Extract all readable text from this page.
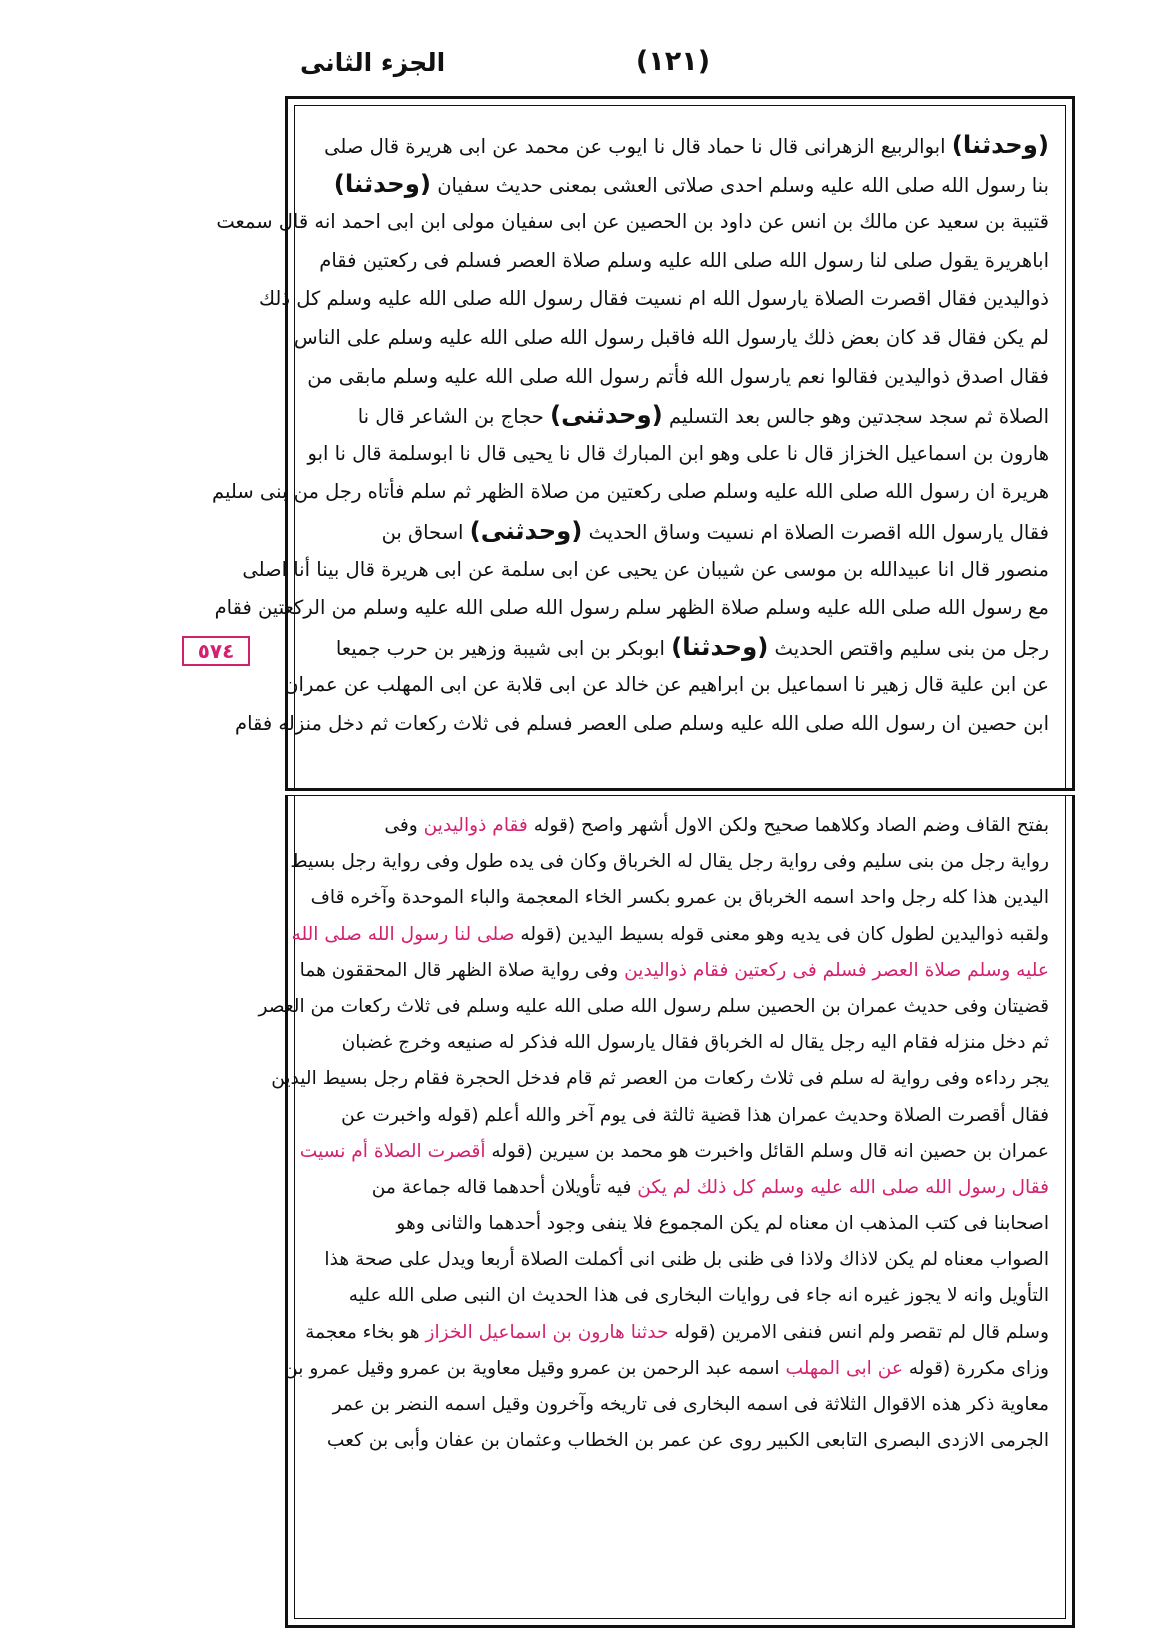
الجزء الثانى	(١٢١)
٥٧٤
(وحدثنا) ابوالربيع الزهرانى قال نا حماد قال نا ايوب عن محمد عن ابى هريرة قال صلى
بنا رسول الله صلى الله عليه وسلم احدى صلاتى العشى بمعنى حديث سفيان (وحدثنا)
قتيبة بن سعيد عن مالك بن انس عن داود بن الحصين عن ابى سفيان مولى ابن ابى احمد انه قال سمعت
اباهريرة يقول صلى لنا رسول الله صلى الله عليه وسلم صلاة العصر فسلم فى ركعتين فقام
ذواليدين فقال اقصرت الصلاة يارسول الله ام نسيت فقال رسول الله صلى الله عليه وسلم كل ذلك
لم يكن فقال قد كان بعض ذلك يارسول الله فاقبل رسول الله صلى الله عليه وسلم على الناس
فقال اصدق ذواليدين فقالوا نعم يارسول الله فأتم رسول الله صلى الله عليه وسلم مابقى من
الصلاة ثم سجد سجدتين وهو جالس بعد التسليم (وحدثنى) حجاج بن الشاعر قال نا
هارون بن اسماعيل الخزاز قال نا على وهو ابن المبارك قال نا يحيى قال نا ابوسلمة قال نا ابو
هريرة ان رسول الله صلى الله عليه وسلم صلى ركعتين من صلاة الظهر ثم سلم فأتاه رجل من بنى سليم
فقال يارسول الله اقصرت الصلاة ام نسيت وساق الحديث (وحدثنى) اسحاق بن
منصور قال انا عبيدالله بن موسى عن شيبان عن يحيى عن ابى سلمة عن ابى هريرة قال بينا أنا اصلى
مع رسول الله صلى الله عليه وسلم صلاة الظهر سلم رسول الله صلى الله عليه وسلم من الركعتين فقام
رجل من بنى سليم واقتص الحديث (وحدثنا) ابوبكر بن ابى شيبة وزهير بن حرب جميعا
عن ابن علية قال زهير نا اسماعيل بن ابراهيم عن خالد عن ابى قلابة عن ابى المهلب عن عمران
ابن حصين ان رسول الله صلى الله عليه وسلم صلى العصر فسلم فى ثلاث ركعات ثم دخل منزله فقام
بفتح القاف وضم الصاد وكلاهما صحيح ولكن الاول أشهر واصح (قوله فقام ذواليدين وفى
رواية رجل من بنى سليم وفى رواية رجل يقال له الخرباق وكان فى يده طول وفى رواية رجل بسيط
اليدين هذا كله رجل واحد اسمه الخرباق بن عمرو بكسر الخاء المعجمة والباء الموحدة وآخره قاف
ولقبه ذواليدين لطول كان فى يديه وهو معنى قوله بسيط اليدين (قوله صلى لنا رسول الله صلى الله
عليه وسلم صلاة العصر فسلم فى ركعتين فقام ذواليدين وفى رواية صلاة الظهر قال المحققون هما
قضيتان وفى حديث عمران بن الحصين سلم رسول الله صلى الله عليه وسلم فى ثلاث ركعات من العصر
ثم دخل منزله فقام اليه رجل يقال له الخرباق فقال يارسول الله فذكر له صنيعه وخرج غضبان
يجر رداءه وفى رواية له سلم فى ثلاث ركعات من العصر ثم قام فدخل الحجرة فقام رجل بسيط اليدين
فقال أقصرت الصلاة وحديث عمران هذا قضية ثالثة فى يوم آخر والله أعلم (قوله واخبرت عن
عمران بن حصين انه قال وسلم القائل واخبرت هو محمد بن سيرين (قوله أقصرت الصلاة أم نسيت
فقال رسول الله صلى الله عليه وسلم كل ذلك لم يكن فيه تأويلان أحدهما قاله جماعة من
اصحابنا فى كتب المذهب ان معناه لم يكن المجموع فلا ينفى وجود أحدهما والثانى وهو
الصواب معناه لم يكن لاذاك ولاذا فى ظنى بل ظنى انى أكملت الصلاة أربعا ويدل على صحة هذا
التأويل وانه لا يجوز غيره انه جاء فى روايات البخارى فى هذا الحديث ان النبى صلى الله عليه
وسلم قال لم تقصر ولم انس فنفى الامرين (قوله حدثنا هارون بن اسماعيل الخزاز هو بخاء معجمة
وزاى مكررة (قوله عن ابى المهلب اسمه عبد الرحمن بن عمرو وقيل معاوية بن عمرو وقيل عمرو بن
معاوية ذكر هذه الاقوال الثلاثة فى اسمه البخارى فى تاريخه وآخرون وقيل اسمه النضر بن عمر
الجرمى الازدى البصرى التابعى الكبير روى عن عمر بن الخطاب وعثمان بن عفان وأبى بن كعب
